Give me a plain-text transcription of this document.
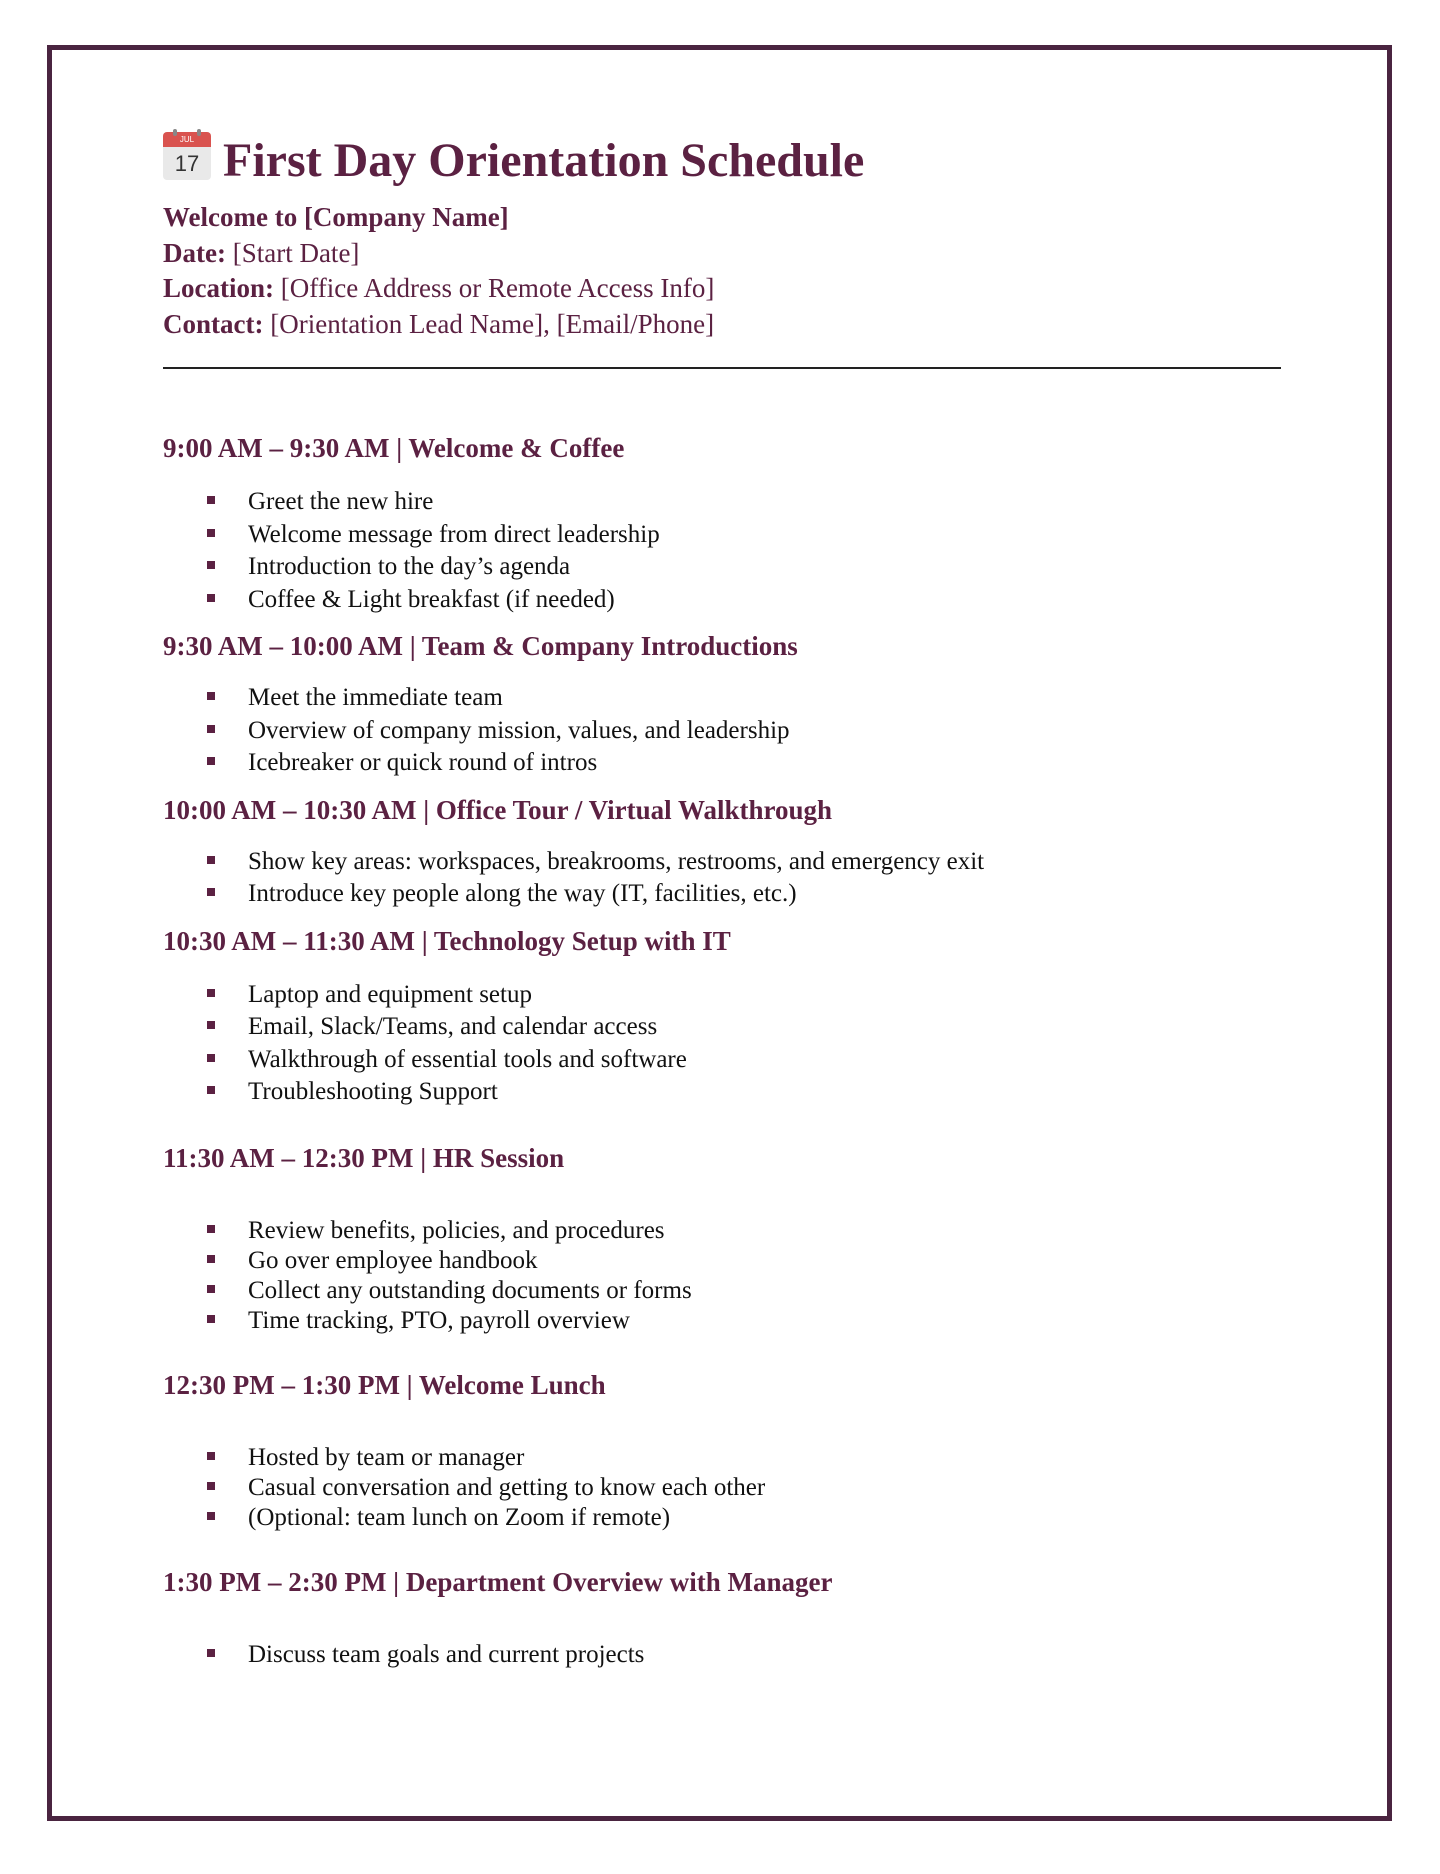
JUL
17 First Day Orientation Schedule
Welcome to [Company Name]
Date: [Start Date]
Location: [Office Address or Remote Access Info]
Contact: [Orientation Lead Name], [Email/Phone]
9:00 AM – 9:30 AM | Welcome & Coffee
Greet the new hire
Welcome message from direct leadership
Introduction to the day’s agenda
Coffee & Light breakfast (if needed)
9:30 AM – 10:00 AM | Team & Company Introductions
Meet the immediate team
Overview of company mission, values, and leadership
Icebreaker or quick round of intros
10:00 AM – 10:30 AM | Office Tour / Virtual Walkthrough
Show key areas: workspaces, breakrooms, restrooms, and emergency exit
Introduce key people along the way (IT, facilities, etc.)
10:30 AM – 11:30 AM | Technology Setup with IT
Laptop and equipment setup
Email, Slack/Teams, and calendar access
Walkthrough of essential tools and software
Troubleshooting Support
11:30 AM – 12:30 PM | HR Session
Review benefits, policies, and procedures
Go over employee handbook
Collect any outstanding documents or forms
Time tracking, PTO, payroll overview
12:30 PM – 1:30 PM | Welcome Lunch
Hosted by team or manager
Casual conversation and getting to know each other
(Optional: team lunch on Zoom if remote)
1:30 PM – 2:30 PM | Department Overview with Manager
Discuss team goals and current projects
